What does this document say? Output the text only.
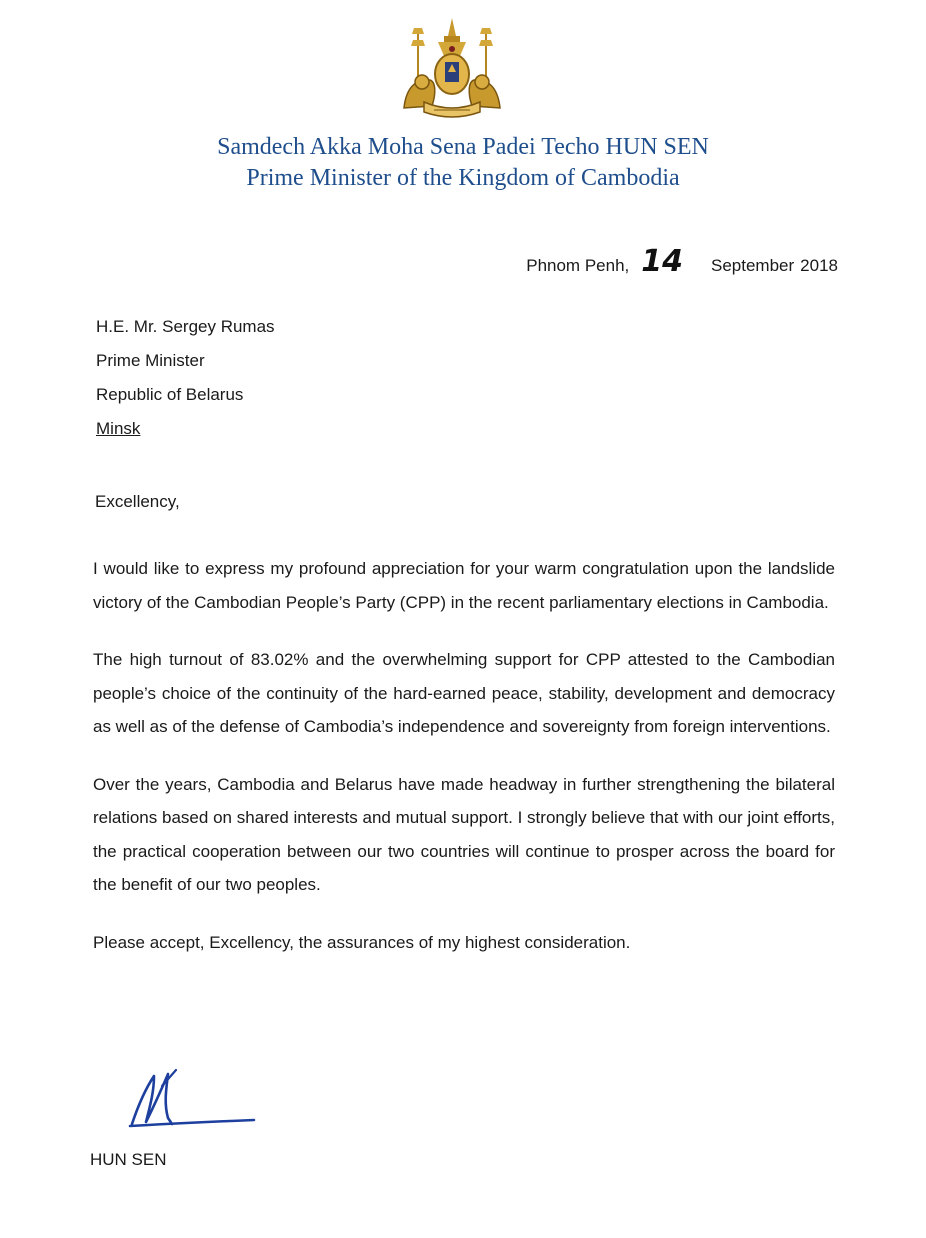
Samdech Akka Moha Sena Padei Techo HUN SEN
Prime Minister of the Kingdom of Cambodia
Phnom Penh, 14 September 2018
H.E. Mr. Sergey Rumas
Prime Minister
Republic of Belarus
Minsk
Excellency,

I would like to express my profound appreciation for your warm congratulation upon the landslide victory of the Cambodian People’s Party (CPP) in the recent parliamentary elections in Cambodia.

The high turnout of 83.02% and the overwhelming support for CPP attested to the Cambodian people’s choice of the continuity of the hard-earned peace, stability, development and democracy as well as of the defense of Cambodia’s independence and sovereignty from foreign interventions.

Over the years, Cambodia and Belarus have made headway in further strengthening the bilateral relations based on shared interests and mutual support. I strongly believe that with our joint efforts, the practical cooperation between our two countries will continue to prosper across the board for the benefit of our two peoples.

Please accept, Excellency, the assurances of my highest consideration.

HUN SEN
